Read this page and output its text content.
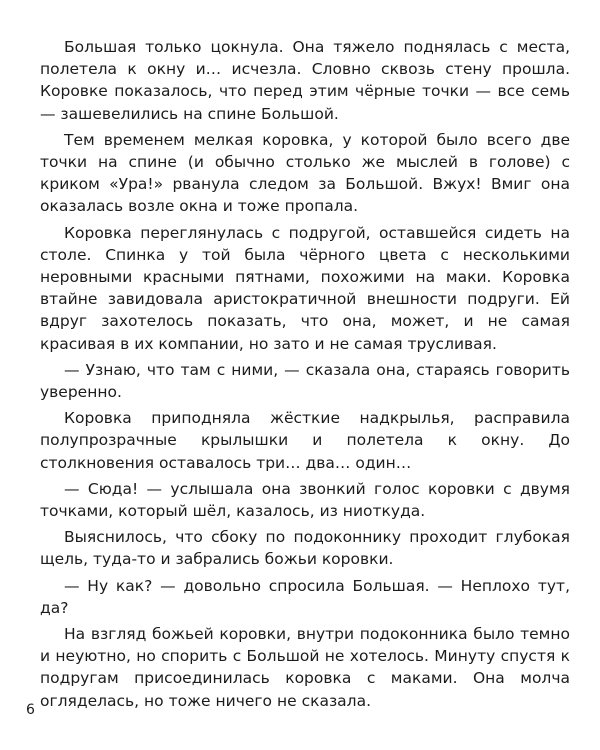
Большая только цокнула. Она тяжело поднялась с места, полетела к окну и… исчезла. Словно сквозь стену прошла. Коровке показалось, что перед этим чёрные точки — все семь — зашевелились на спине Большой.

Тем временем мелкая коровка, у которой было всего две точки на спине (и обычно столько же мыслей в голове) с криком «Ура!» рванула следом за Большой. Вжух! Вмиг она оказалась возле окна и тоже пропала.

Коровка переглянулась с подругой, оставшейся сидеть на столе. Спинка у той была чёрного цвета с несколькими неровными красными пятнами, похожими на маки. Коровка втайне завидовала аристократичной внешности подруги. Ей вдруг захотелось показать, что она, может, и не самая красивая в их компании, но зато и не самая трусливая.

— Узнаю, что там с ними, — сказала она, стараясь говорить уверенно.

Коровка приподняла жёсткие надкрылья, расправила полупрозрачные крылышки и полетела к окну. До столкновения оставалось три… два… один…

— Сюда! — услышала она звонкий голос коровки с двумя точками, который шёл, казалось, из ниоткуда.

Выяснилось, что сбоку по подоконнику проходит глубокая щель, туда-то и забрались божьи коровки.

— Ну как? — довольно спросила Большая. — Неплохо тут, да?

На взгляд божьей коровки, внутри подоконника было темно и неуютно, но спорить с Большой не хотелось. Минуту спустя к подругам присоединилась коровка с маками. Она молча огляделась, но тоже ничего не сказала.

6
